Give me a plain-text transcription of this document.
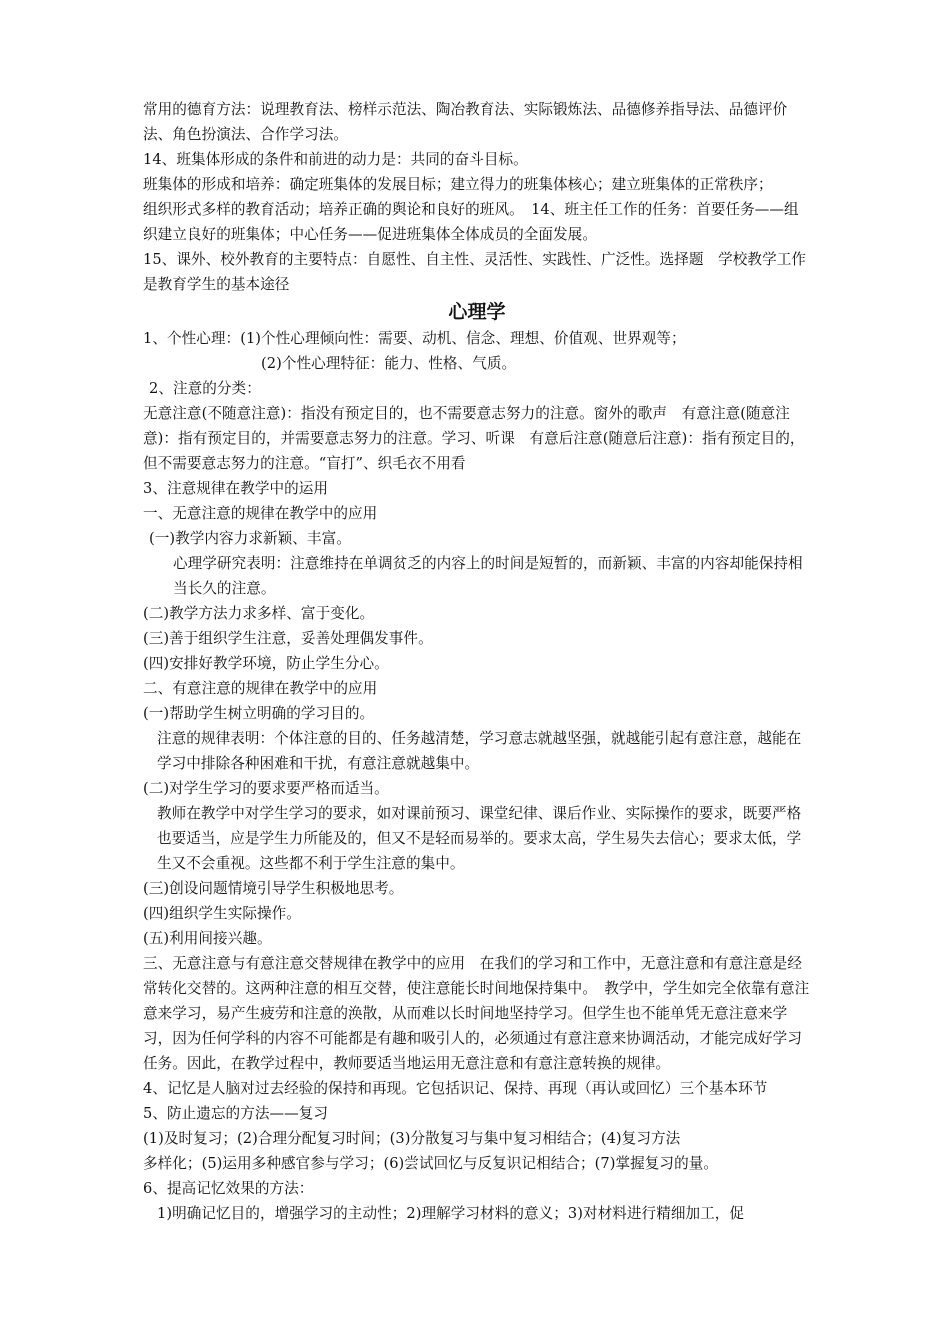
常用的德育方法：说理教育法、榜样示范法、陶冶教育法、实际锻炼法、品德修养指导法、品德评价法、角色扮演法、合作学习法。

14、班集体形成的条件和前进的动力是：共同的奋斗目标。

班集体的形成和培养：确定班集体的发展目标；建立得力的班集体核心；建立班集体的正常秩序；

组织形式多样的教育活动；培养正确的舆论和良好的班风。　14、班主任工作的任务：首要任务——组织建立良好的班集体；中心任务——促进班集体全体成员的全面发展。

15、课外、校外教育的主要特点：自愿性、自主性、灵活性、实践性、广泛性。选择题　学校教学工作是教育学生的基本途径

心理学

1、个性心理：(1)个性心理倾向性：需要、动机、信念、理想、价值观、世界观等；

(2)个性心理特征：能力、性格、气质。

2、注意的分类：

无意注意(不随意注意)：指没有预定目的，也不需要意志努力的注意。窗外的歌声　有意注意(随意注意)：指有预定目的，并需要意志努力的注意。学习、听课　有意后注意(随意后注意)：指有预定目的，但不需要意志努力的注意。“盲打”、织毛衣不用看

3、注意规律在教学中的运用

一、无意注意的规律在教学中的应用

(一)教学内容力求新颖、丰富。

心理学研究表明：注意维持在单调贫乏的内容上的时间是短暂的，而新颖、丰富的内容却能保持相当长久的注意。

(二)教学方法力求多样、富于变化。

(三)善于组织学生注意，妥善处理偶发事件。

(四)安排好教学环境，防止学生分心。

二、有意注意的规律在教学中的应用

(一)帮助学生树立明确的学习目的。

注意的规律表明：个体注意的目的、任务越清楚，学习意志就越坚强，就越能引起有意注意，越能在学习中排除各种困难和干扰，有意注意就越集中。

(二)对学生学习的要求要严格而适当。

教师在教学中对学生学习的要求，如对课前预习、课堂纪律、课后作业、实际操作的要求，既要严格也要适当，应是学生力所能及的，但又不是轻而易举的。要求太高，学生易失去信心；要求太低，学生又不会重视。这些都不利于学生注意的集中。

(三)创设问题情境引导学生积极地思考。

(四)组织学生实际操作。

(五)利用间接兴趣。

三、无意注意与有意注意交替规律在教学中的应用　在我们的学习和工作中，无意注意和有意注意是经常转化交替的。这两种注意的相互交替，使注意能长时间地保持集中。　教学中，学生如完全依靠有意注意来学习，易产生疲劳和注意的涣散，从而难以长时间地坚持学习。但学生也不能单凭无意注意来学习，因为任何学科的内容不可能都是有趣和吸引人的，必须通过有意注意来协调活动，才能完成好学习任务。因此，在教学过程中，教师要适当地运用无意注意和有意注意转换的规律。

4、记忆是人脑对过去经验的保持和再现。它包括识记、保持、再现（再认或回忆）三个基本环节

5、防止遗忘的方法——复习

(1)及时复习；(2)合理分配复习时间；(3)分散复习与集中复习相结合；(4)复习方法

多样化；(5)运用多种感官参与学习；(6)尝试回忆与反复识记相结合；(7)掌握复习的量。

6、提高记忆效果的方法：

1)明确记忆目的，增强学习的主动性；2)理解学习材料的意义；3)对材料进行精细加工，促
